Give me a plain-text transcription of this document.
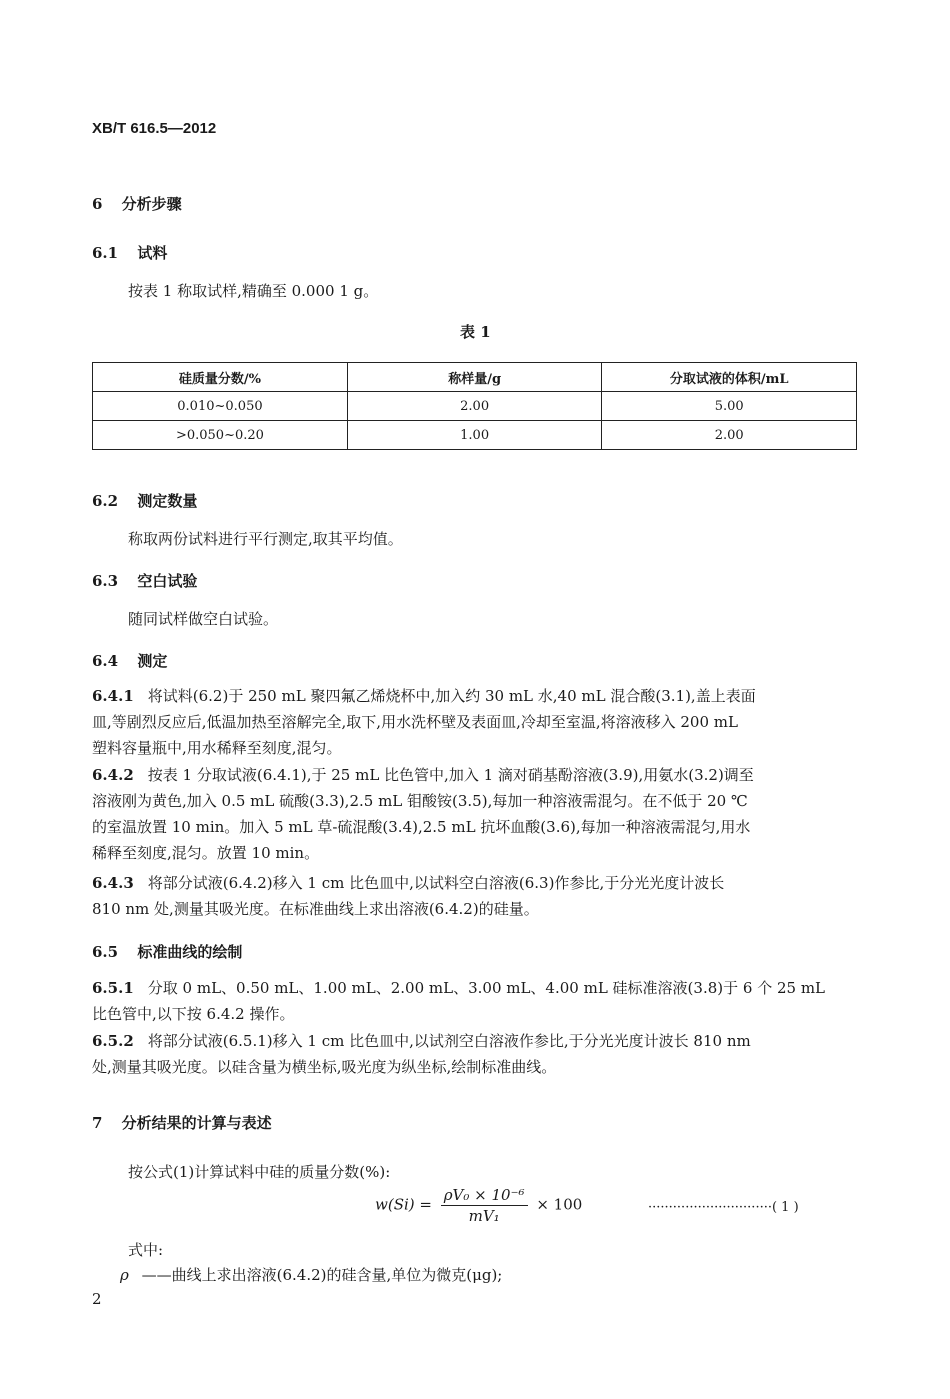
XB/T 616.5—2012
6 分析步骤
6.1 试料
按表 1 称取试样,精确至 0.000 1 g。
表 1
硅质量分数/%	称样量/g	分取试液的体积/mL
0.010~0.050	2.00	5.00
>0.050~0.20	1.00	2.00
6.2 测定数量
称取两份试料进行平行测定,取其平均值。
6.3 空白试验
随同试样做空白试验。
6.4 测定
6.4.1 将试料(6.2)于 250 mL 聚四氟乙烯烧杯中,加入约 30 mL 水,40 mL 混合酸(3.1),盖上表面
皿,等剧烈反应后,低温加热至溶解完全,取下,用水洗杯壁及表面皿,冷却至室温,将溶液移入 200 mL
塑料容量瓶中,用水稀释至刻度,混匀。
6.4.2 按表 1 分取试液(6.4.1),于 25 mL 比色管中,加入 1 滴对硝基酚溶液(3.9),用氨水(3.2)调至
溶液刚为黄色,加入 0.5 mL 硫酸(3.3),2.5 mL 钼酸铵(3.5),每加一种溶液需混匀。在不低于 20 ℃
的室温放置 10 min。加入 5 mL 草-硫混酸(3.4),2.5 mL 抗坏血酸(3.6),每加一种溶液需混匀,用水
稀释至刻度,混匀。放置 10 min。
6.4.3 将部分试液(6.4.2)移入 1 cm 比色皿中,以试料空白溶液(6.3)作参比,于分光光度计波长
810 nm 处,测量其吸光度。在标准曲线上求出溶液(6.4.2)的硅量。
6.5 标准曲线的绘制
6.5.1 分取 0 mL、0.50 mL、1.00 mL、2.00 mL、3.00 mL、4.00 mL 硅标准溶液(3.8)于 6 个 25 mL
比色管中,以下按 6.4.2 操作。
6.5.2 将部分试液(6.5.1)移入 1 cm 比色皿中,以试剂空白溶液作参比,于分光光度计波长 810 nm
处,测量其吸光度。以硅含量为横坐标,吸光度为纵坐标,绘制标准曲线。
7 分析结果的计算与表述
按公式(1)计算试料中硅的质量分数(%):
$w(Si) = \frac{\text{ρV₀ × 10⁻⁶}}{\text{mV₁}} \times 100$	······························( 1 )
式中:
ρ ——曲线上求出溶液(6.4.2)的硅含量,单位为微克(μg);
2
